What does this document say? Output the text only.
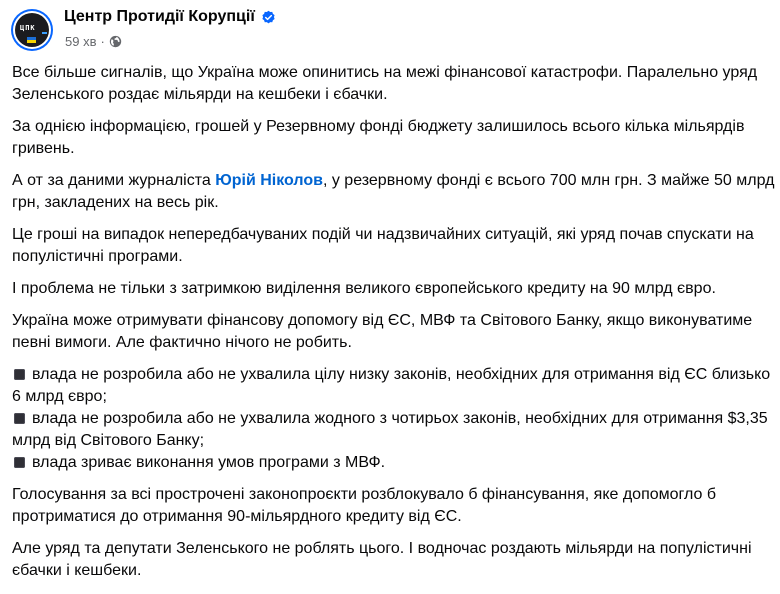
ЦПК
Центр Протидії Корупції
59 хв ·

Все більше сигналів, що Україна може опинитись на межі фінансової катастрофи. Паралельно уряд Зеленського роздає мільярди на кешбеки і єбачки.

За однією інформацією, грошей у Резервному фонді бюджету залишилось всього кілька мільярдів гривень.

А от за даними журналіста Юрій Ніколов, у резервному фонді є всього 700 млн грн. З майже 50 млрд грн, закладених на весь рік.

Це гроші на випадок непередбачуваних подій чи надзвичайних ситуацій, які уряд почав спускати на популістичні програми.

І проблема не тільки з затримкою виділення великого європейського кредиту на 90 млрд євро.

Україна може отримувати фінансову допомогу від ЄС, МВФ та Світового Банку, якщо виконуватиме певні вимоги. Але фактично нічого не робить.

влада не розробила або не ухвалила цілу низку законів, необхідних для отримання від ЄС близько 6 млрд євро;
влада не розробила або не ухвалила жодного з чотирьох законів, необхідних для отримання $3,35 млрд від Світового Банку;
влада зриває виконання умов програми з МВФ.

Голосування за всі прострочені законопроєкти розблокувало б фінансування, яке допомогло б протриматися до отримання 90-мільярдного кредиту від ЄС.

Але уряд та депутати Зеленського не роблять цього. І водночас роздають мільярди на популістичні єбачки і кешбеки.
